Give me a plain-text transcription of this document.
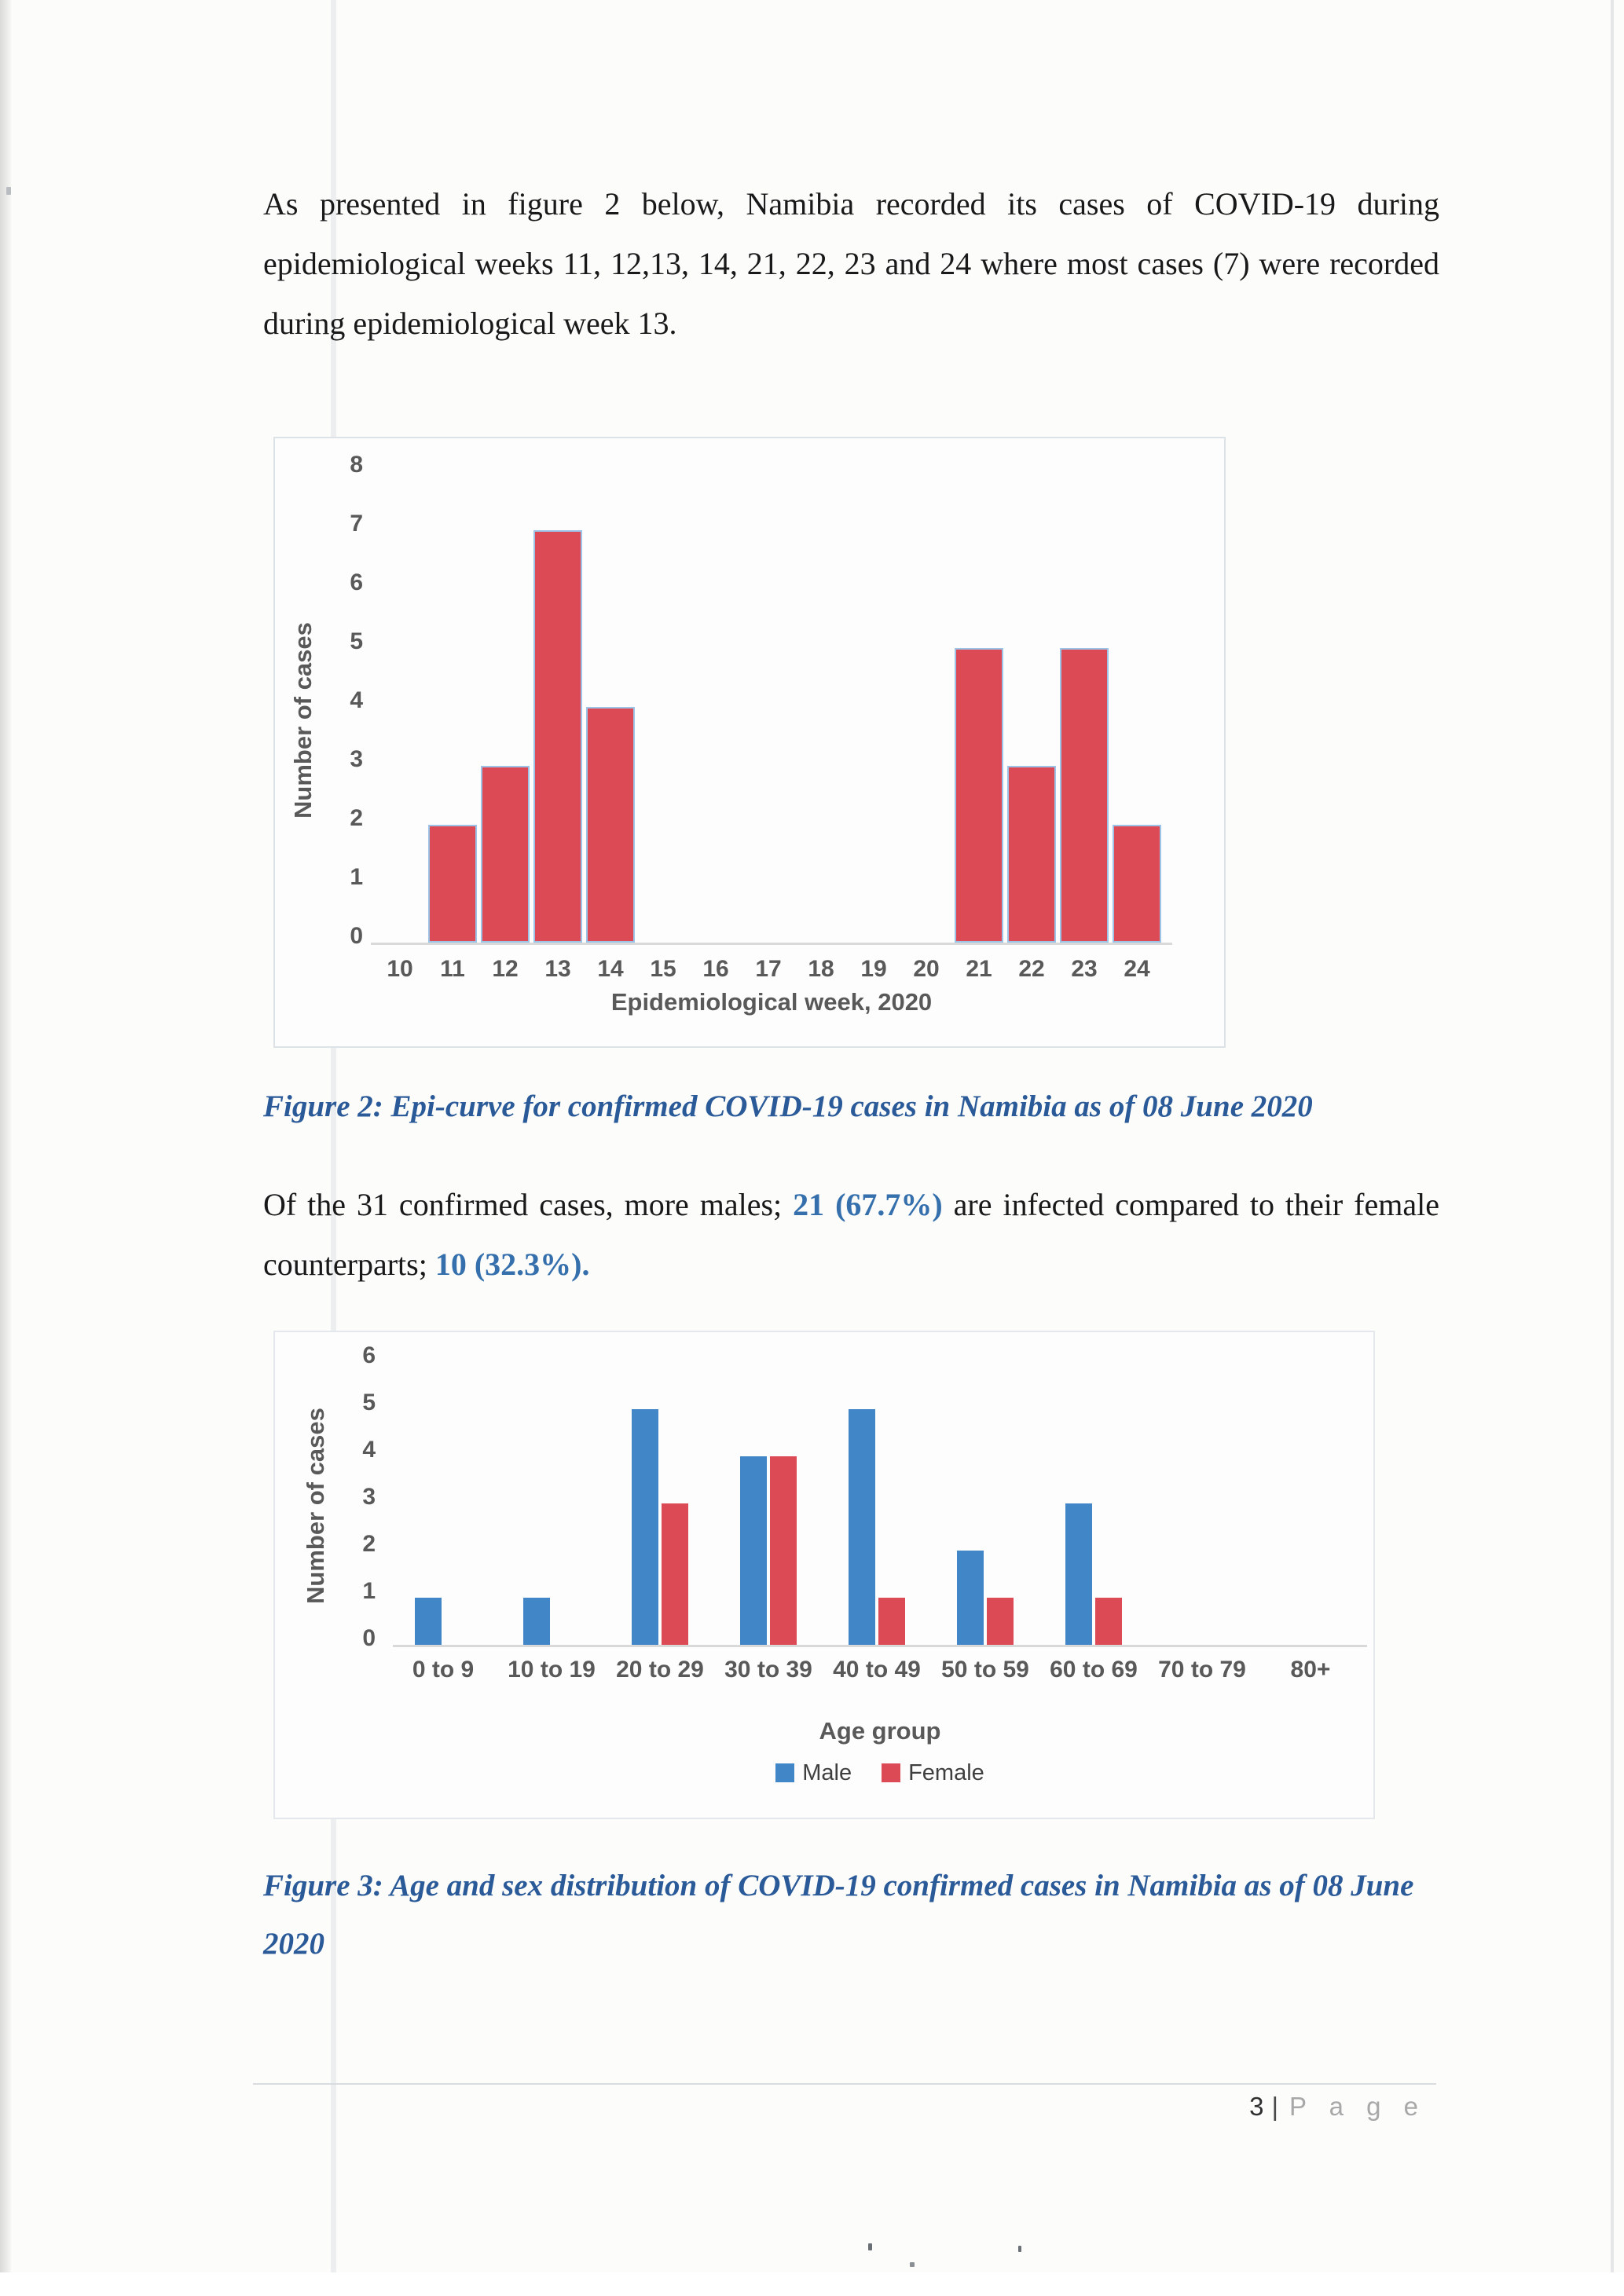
As presented in figure 2 below, Namibia recorded its cases of COVID-19 during epidemiological weeks 11, 12,13, 14, 21, 22, 23 and 24 where most cases (7) were recorded during epidemiological week 13.

0
1
2
3
4
5
6
7
8
Number of cases
10	11	12	13	14	15	16	17	18	19	20	21	22	23	24
Epidemiological week, 2020

Figure 2: Epi-curve for confirmed COVID-19 cases in Namibia as of 08 June 2020

Of the 31 confirmed cases, more males; 21 (67.7%) are infected compared to their female counterparts; 10 (32.3%).

0
1
2
3
4
5
6
Number of cases
0 to 9	10 to 19 20 to 29 30 to 39 40 to 49 50 to 59 60 to 69 70 to 79	80+
Age group
Male Female

Figure 3: Age and sex distribution of COVID-19 confirmed cases in Namibia as of 08 June 2020

3 | P a g e
